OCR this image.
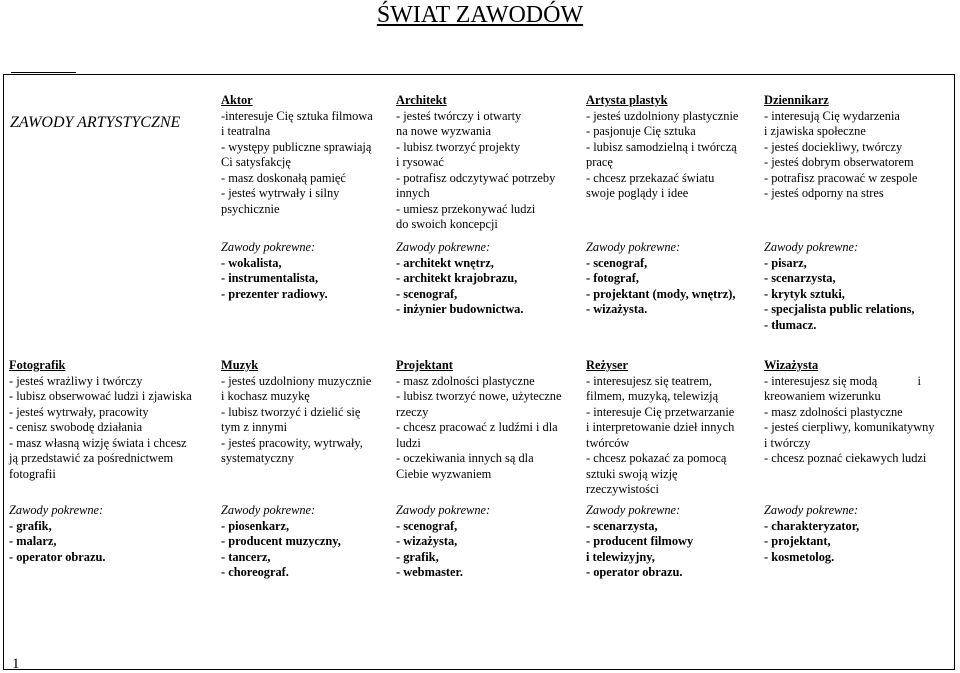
ŚWIAT ZAWODÓW
ZAWODY ARTYSTYCZNE
Aktor
-interesuje Cię sztuka filmowa
i teatralna
- występy publiczne sprawiają
Ci satysfakcję
- masz doskonałą pamięć
- jesteś wytrwały i silny
psychicznie
Architekt
- jesteś twórczy i otwarty
na nowe wyzwania
- lubisz tworzyć projekty
i rysować
- potrafisz odczytywać potrzeby
innych
- umiesz przekonywać ludzi
do swoich koncepcji
Artysta plastyk
- jesteś uzdolniony plastycznie
- pasjonuje Cię sztuka
- lubisz samodzielną i twórczą
pracę
- chcesz przekazać światu
swoje poglądy i idee
Dziennikarz
- interesują Cię wydarzenia
i zjawiska społeczne
- jesteś dociekliwy, twórczy
- jesteś dobrym obserwatorem
- potrafisz pracować w zespole
- jesteś odporny na stres
Zawody pokrewne:
- wokalista,
- instrumentalista,
- prezenter radiowy.
Zawody pokrewne:
- architekt wnętrz,
- architekt krajobrazu,
- scenograf,
- inżynier budownictwa.
Zawody pokrewne:
- scenograf,
- fotograf,
- projektant (mody, wnętrz),
- wizażysta.
Zawody pokrewne:
- pisarz,
- scenarzysta,
- krytyk sztuki,
- specjalista public relations,
- tłumacz.
Fotografik
- jesteś wrażliwy i twórczy
- lubisz obserwować ludzi i zjawiska
- jesteś wytrwały, pracowity
- cenisz swobodę działania
- masz własną wizję świata i chcesz
ją przedstawić za pośrednictwem
fotografii
Muzyk
- jesteś uzdolniony muzycznie
i kochasz muzykę
- lubisz tworzyć i dzielić się
tym z innymi
- jesteś pracowity, wytrwały,
systematyczny
Projektant
- masz zdolności plastyczne
- lubisz tworzyć nowe, użyteczne
rzeczy
- chcesz pracować z ludźmi i dla
ludzi
- oczekiwania innych są dla
Ciebie wyzwaniem
Reżyser
- interesujesz się teatrem,
filmem, muzyką, telewizją
- interesuje Cię przetwarzanie
i interpretowanie dzieł innych
twórców
- chcesz pokazać za pomocą
sztuki swoją wizję
rzeczywistości
Wizażysta
- interesujesz się modą             i
kreowaniem wizerunku
- masz zdolności plastyczne
- jesteś cierpliwy, komunikatywny
i twórczy
- chcesz poznać ciekawych ludzi
Zawody pokrewne:
- grafik,
- malarz,
- operator obrazu.
Zawody pokrewne:
- piosenkarz,
- producent muzyczny,
- tancerz,
- choreograf.
Zawody pokrewne:
- scenograf,
- wizażysta,
- grafik,
- webmaster.
Zawody pokrewne:
- scenarzysta,
- producent filmowy
i telewizyjny,
- operator obrazu.
Zawody pokrewne:
- charakteryzator,
- projektant,
- kosmetolog.
1
